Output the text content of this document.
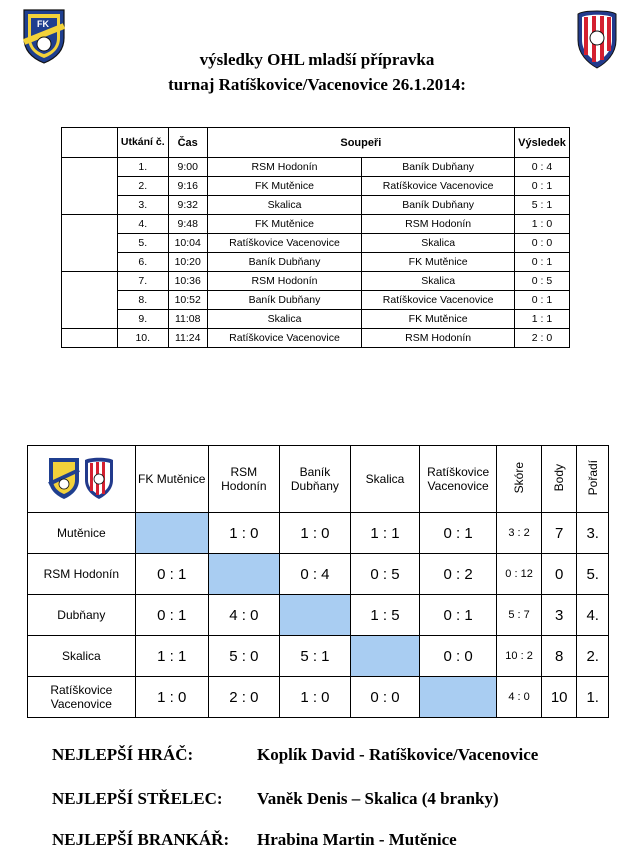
FK
výsledky OHL mladší přípravka
turnaj Ratíškovice/Vacenovice 26.1.2014:
	Utkání č.	Čas	Soupeři		Výsledek
	1.	9:00	RSM Hodonín	Baník Dubňany	0 : 4
	2.	9:16	FK Mutěnice	Ratíškovice Vacenovice	0 : 1
	3.	9:32	Skalica	Baník Dubňany	5 : 1
	4.	9:48	FK Mutěnice	RSM Hodonín	1 : 0
	5.	10:04	Ratíškovice Vacenovice	Skalica	0 : 0
	6.	10:20	Baník Dubňany	FK Mutěnice	0 : 1
	7.	10:36	RSM Hodonín	Skalica	0 : 5
	8.	10:52	Baník Dubňany	Ratíškovice Vacenovice	0 : 1
	9.	11:08	Skalica	FK Mutěnice	1 : 1
	10.	11:24	Ratíškovice Vacenovice	RSM Hodonín	2 : 0
	FK Mutěnice	RSM Hodonín	Baník Dubňany	Skalica	Ratíškovice Vacenovice	Skóre	Body	Pořadí
Mutěnice		1 : 0	1 : 0	1 : 1	0 : 1	3 : 2	7	3.
RSM Hodonín	0 : 1		0 : 4	0 : 5	0 : 2	0 : 12	0	5.
Dubňany	0 : 1	4 : 0		1 : 5	0 : 1	5 : 7	3	4.
Skalica	1 : 1	5 : 0	5 : 1		0 : 0	10 : 2	8	2.
Ratíškovice Vacenovice	1 : 0	2 : 0	1 : 0	0 : 0		4 : 0	10	1.
NEJLEPŠÍ HRÁČ:	Koplík David - Ratíškovice/Vacenovice
NEJLEPŠÍ STŘELEC: Vaněk Denis – Skalica (4 branky)
NEJLEPŠÍ BRANKÁŘ: Hrabina Martin - Mutěnice
